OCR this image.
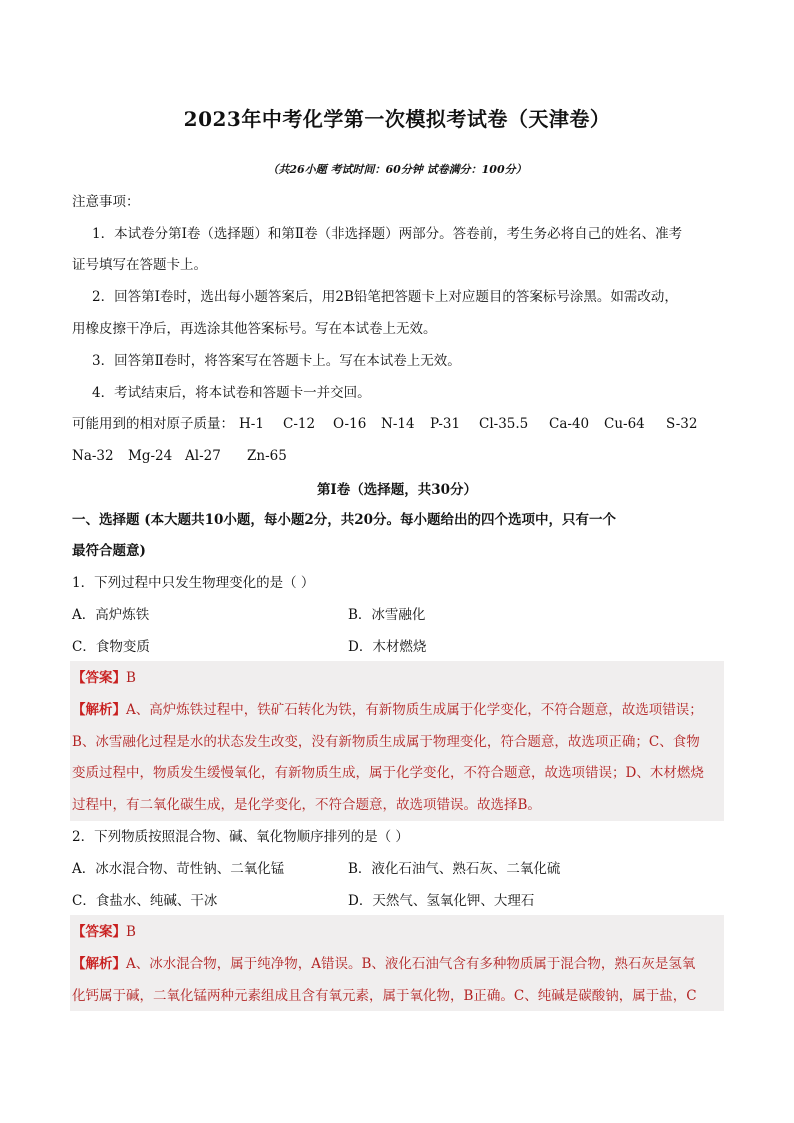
2023年中考化学第一次模拟考试卷（天津卷）
（共26小题 考试时间：60分钟 试卷满分：100分）
注意事项：
1．本试卷分第Ⅰ卷（选择题）和第Ⅱ卷（非选择题）两部分。答卷前，考生务必将自己的姓名、准考
证号填写在答题卡上。
2．回答第Ⅰ卷时，选出每小题答案后，用2B铅笔把答题卡上对应题目的答案标号涂黑。如需改动，
用橡皮擦干净后，再选涂其他答案标号。写在本试卷上无效。
3．回答第Ⅱ卷时，将答案写在答题卡上。写在本试卷上无效。
4．考试结束后，将本试卷和答题卡一并交回。
可能用到的相对原子质量： H-1 C-12 O-16 N-14 P-31 Cl-35.5 Ca-40 Cu-64 S-32
Na-32 Mg-24 Al-27 Zn-65
第Ⅰ卷（选择题，共30分）
一、选择题 (本大题共10小题，每小题2分，共20分。每小题给出的四个选项中，只有一个
最符合题意)
1．下列过程中只发生物理变化的是（ ）
A．高炉炼铁	B．冰雪融化
C．食物变质	D．木材燃烧
【答案】B
【解析】A、高炉炼铁过程中，铁矿石转化为铁，有新物质生成属于化学变化，不符合题意，故选项错误；
B、冰雪融化过程是水的状态发生改变，没有新物质生成属于物理变化，符合题意，故选项正确；C、食物
变质过程中，物质发生缓慢氧化，有新物质生成，属于化学变化，不符合题意，故选项错误；D、木材燃烧
过程中，有二氧化碳生成，是化学变化，不符合题意，故选项错误。故选择B。
2．下列物质按照混合物、碱、氧化物顺序排列的是（ ）
A．冰水混合物、苛性钠、二氧化锰	B．液化石油气、熟石灰、二氧化硫
C．食盐水、纯碱、干冰	D．天然气、氢氧化钾、大理石
【答案】B
【解析】A、冰水混合物，属于纯净物，A错误。B、液化石油气含有多种物质属于混合物，熟石灰是氢氧
化钙属于碱，二氧化锰两种元素组成且含有氧元素，属于氧化物，B正确。C、纯碱是碳酸钠，属于盐，C
